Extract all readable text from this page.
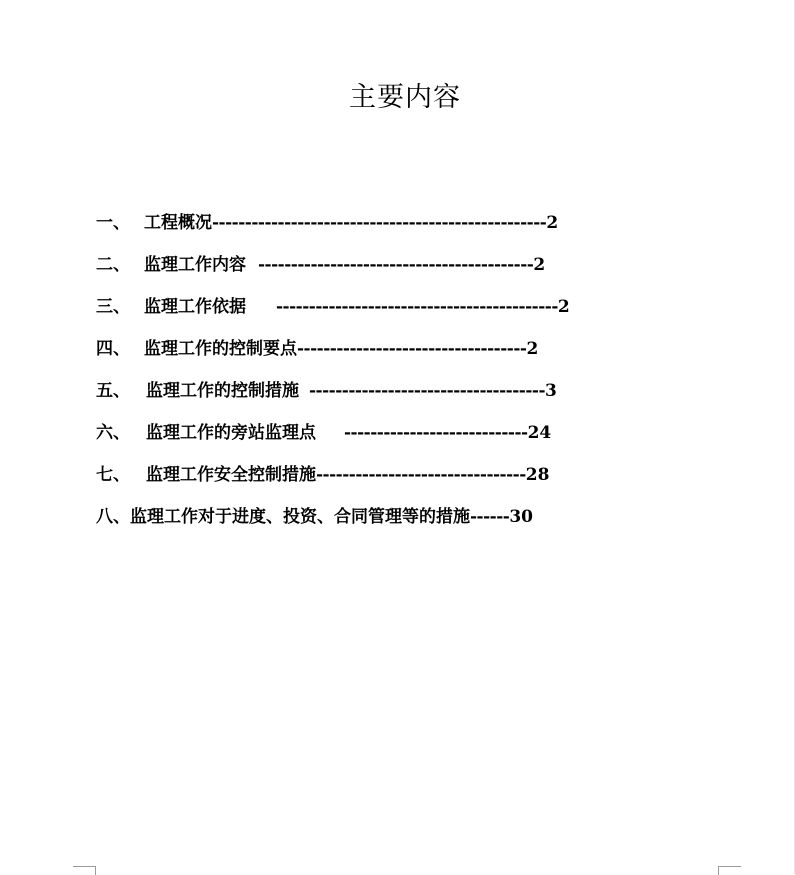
主要内容
一、 工程概况---------------------------------------------------2
二、 监理工作内容 ------------------------------------------2
三、 监理工作依据 -------------------------------------------2
四、 监理工作的控制要点-----------------------------------2
五、 监理工作的控制措施 ------------------------------------3
六、 监理工作的旁站监理点 ----------------------------24
七、 监理工作安全控制措施--------------------------------28
八、监理工作对于进度、投资、合同管理等的措施------30
